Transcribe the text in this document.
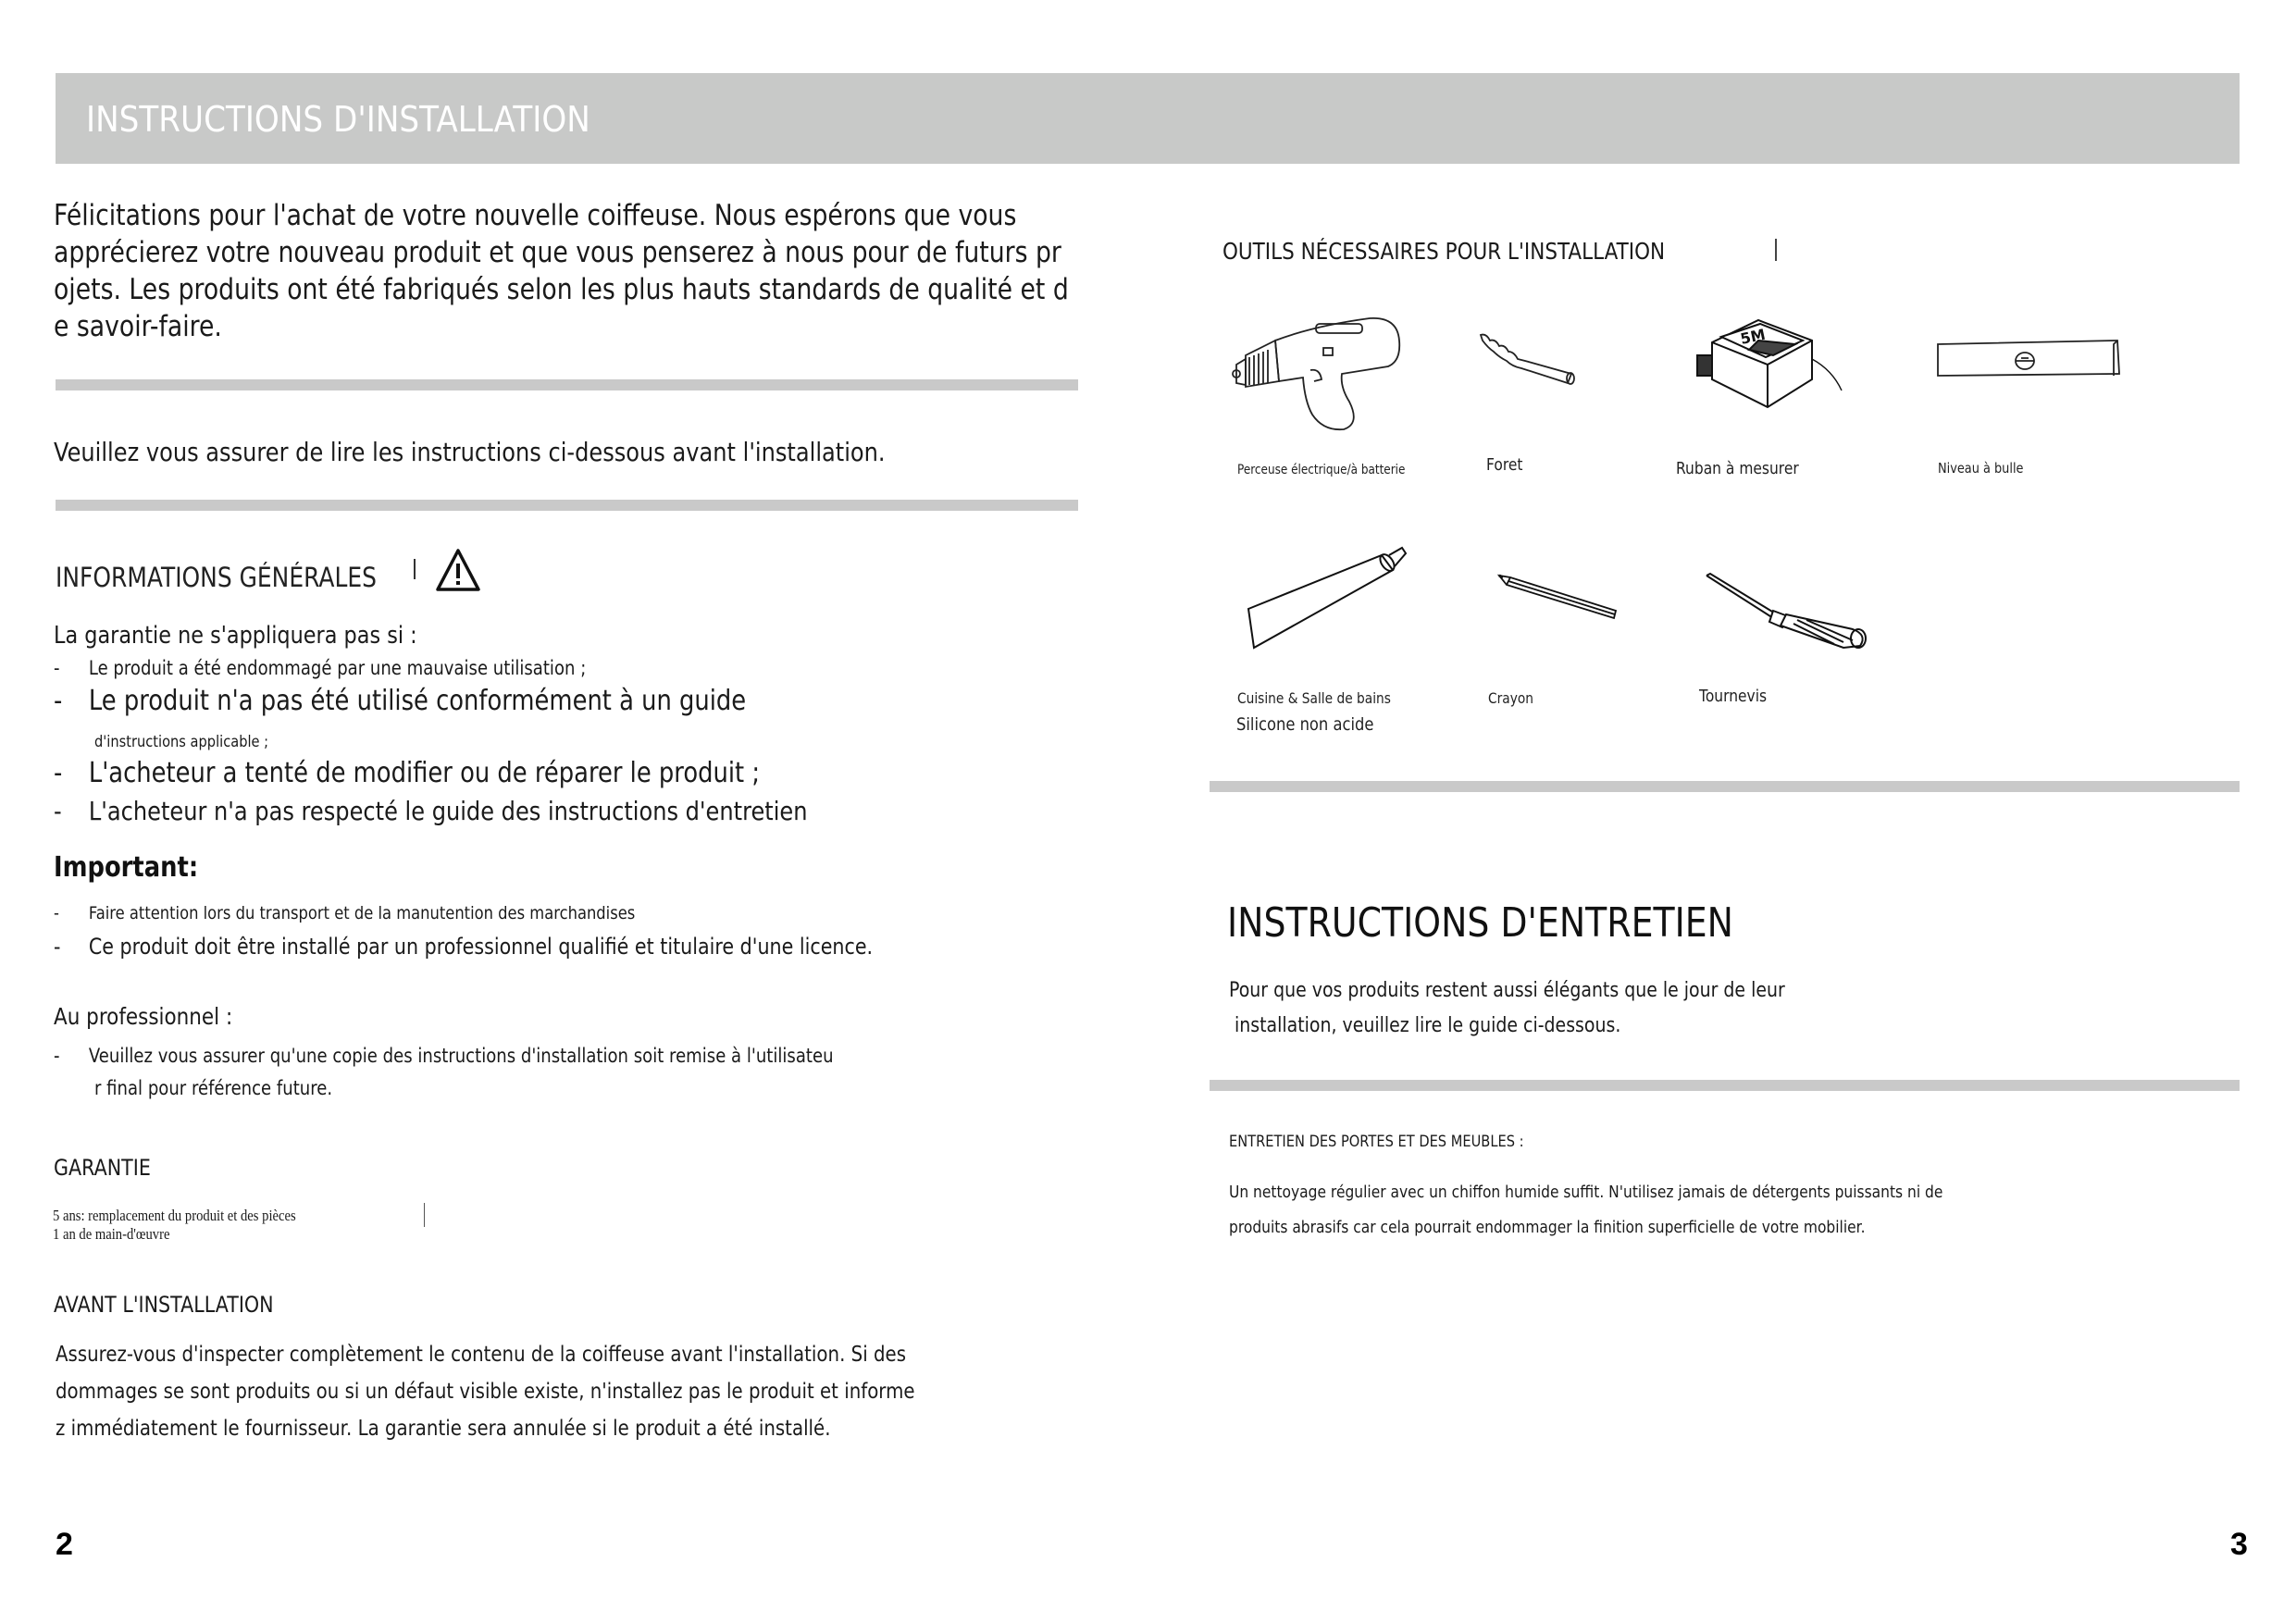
INSTRUCTIONS D'INSTALLATION
Félicitations pour l'achat de votre nouvelle coiffeuse. Nous espérons que vous
apprécierez votre nouveau produit et que vous penserez à nous pour de futurs pr
ojets. Les produits ont été fabriqués selon les plus hauts standards de qualité et d
e savoir-faire.
Veuillez vous assurer de lire les instructions ci-dessous avant l'installation.
INFORMATIONS GÉNÉRALES
La garantie ne s'appliquera pas si :
- Le produit a été endommagé par une mauvaise utilisation ;
- Le produit n'a pas été utilisé conformément à un guide
d'instructions applicable ;
- L'acheteur a tenté de modifier ou de réparer le produit ;
- L'acheteur n'a pas respecté le guide des instructions d'entretien
Important:
- Faire attention lors du transport et de la manutention des marchandises
- Ce produit doit être installé par un professionnel qualifié et titulaire d'une licence.
Au professionnel :
- Veuillez vous assurer qu'une copie des instructions d'installation soit remise à l'utilisateu
r final pour référence future.
GARANTIE
5 ans: remplacement du produit et des pièces
1 an de main-d'œuvre
AVANT L'INSTALLATION
Assurez-vous d'inspecter complètement le contenu de la coiffeuse avant l'installation. Si des
dommages se sont produits ou si un défaut visible existe, n'installez pas le produit et informe
z immédiatement le fournisseur. La garantie sera annulée si le produit a été installé.
2
OUTILS NÉCESSAIRES POUR L'INSTALLATION
5M
Perceuse électrique/à batterie	Foret	Ruban à mesurer	Niveau à bulle
Cuisine & Salle de bains
Silicone non acide
Crayon	Tournevis
INSTRUCTIONS D'ENTRETIEN
Pour que vos produits restent aussi élégants que le jour de leur
installation, veuillez lire le guide ci-dessous.
ENTRETIEN DES PORTES ET DES MEUBLES :
Un nettoyage régulier avec un chiffon humide suffit. N'utilisez jamais de détergents puissants ni de
produits abrasifs car cela pourrait endommager la finition superficielle de votre mobilier.
3
